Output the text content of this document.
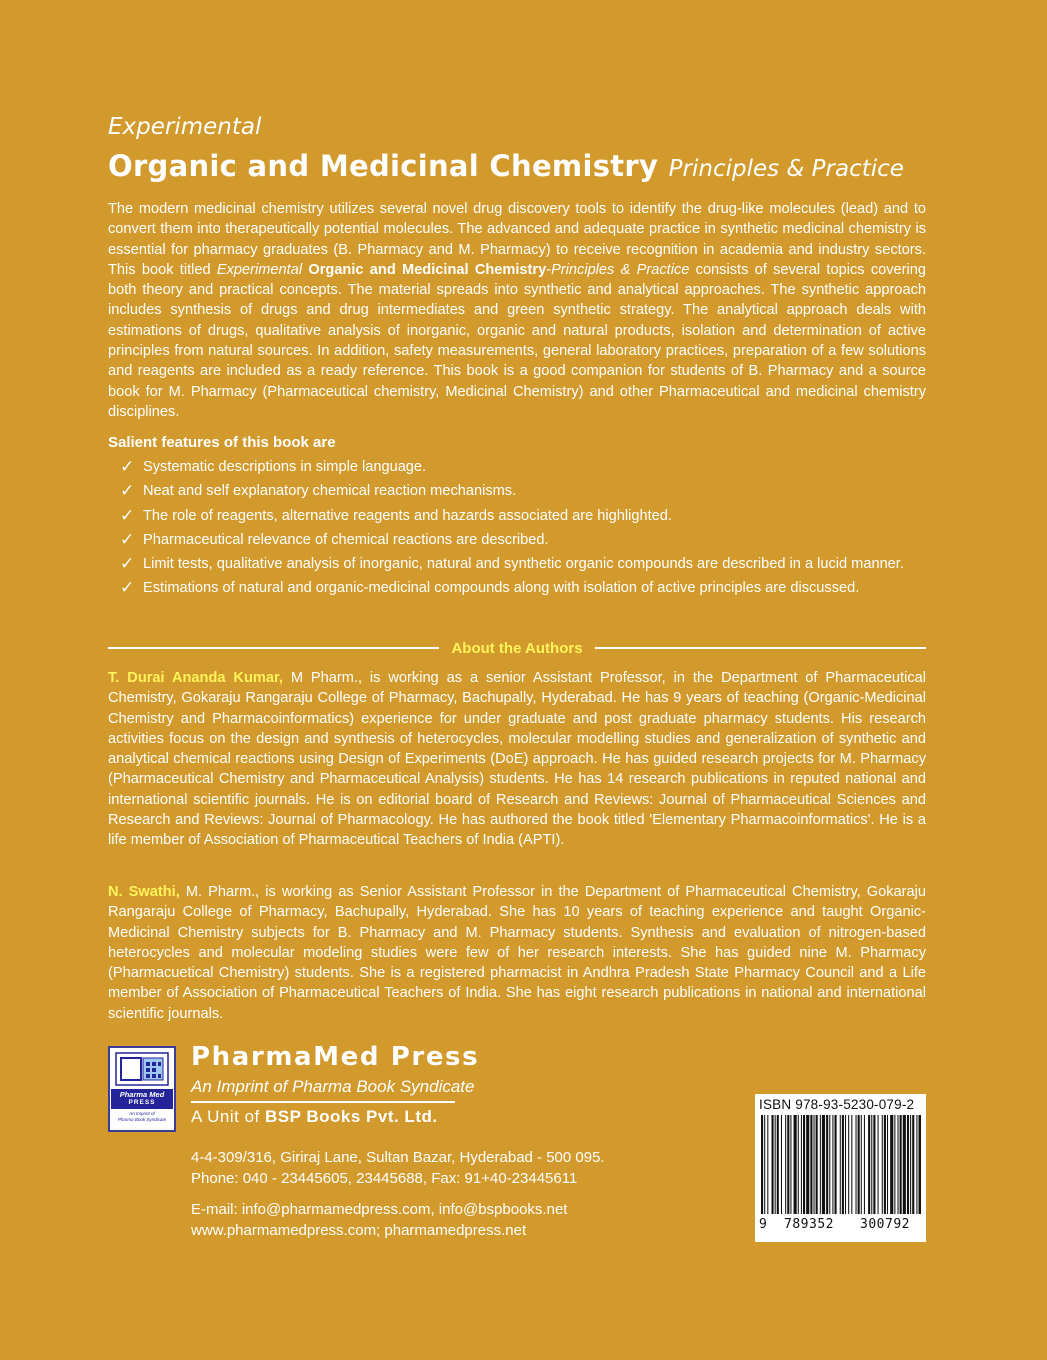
Experimental
Organic and Medicinal Chemistry Principles & Practice

The modern medicinal chemistry utilizes several novel drug discovery tools to identify the drug-like molecules (lead) and to convert them into therapeutically potential molecules. The advanced and adequate practice in synthetic medicinal chemistry is essential for pharmacy graduates (B. Pharmacy and M. Pharmacy) to receive recognition in academia and industry sectors. This book titled Experimental Organic and Medicinal Chemistry-Principles & Practice consists of several topics covering both theory and practical concepts. The material spreads into synthetic and analytical approaches. The synthetic approach includes synthesis of drugs and drug intermediates and green synthetic strategy. The analytical approach deals with estimations of drugs, qualitative analysis of inorganic, organic and natural products, isolation and determination of active principles from natural sources. In addition, safety measurements, general laboratory practices, preparation of a few solutions and reagents are included as a ready reference. This book is a good companion for students of B. Pharmacy and a source book for M. Pharmacy (Pharmaceutical chemistry, Medicinal Chemistry) and other Pharmaceutical and medicinal chemistry disciplines.

Salient features of this book are
✓ Systematic descriptions in simple language.
✓ Neat and self explanatory chemical reaction mechanisms.
✓ The role of reagents, alternative reagents and hazards associated are highlighted.
✓ Pharmaceutical relevance of chemical reactions are described.
✓ Limit tests, qualitative analysis of inorganic, natural and synthetic organic compounds are described in a lucid manner.
✓ Estimations of natural and organic-medicinal compounds along with isolation of active principles are discussed.
About the Authors

T. Durai Ananda Kumar, M Pharm., is working as a senior Assistant Professor, in the Department of Pharmaceutical Chemistry, Gokaraju Rangaraju College of Pharmacy, Bachupally, Hyderabad. He has 9 years of teaching (Organic-Medicinal Chemistry and Pharmacoinformatics) experience for under graduate and post graduate pharmacy students. His research activities focus on the design and synthesis of heterocycles, molecular modelling studies and generalization of synthetic and analytical chemical reactions using Design of Experiments (DoE) approach. He has guided research projects for M. Pharmacy (Pharmaceutical Chemistry and Pharmaceutical Analysis) students. He has 14 research publications in reputed national and international scientific journals. He is on editorial board of Research and Reviews: Journal of Pharmaceutical Sciences and Research and Reviews: Journal of Pharmacology. He has authored the book titled 'Elementary Pharmacoinformatics'. He is a life member of Association of Pharmaceutical Teachers of India (APTI).

N. Swathi, M. Pharm., is working as Senior Assistant Professor in the Department of Pharmaceutical Chemistry, Gokaraju Rangaraju College of Pharmacy, Bachupally, Hyderabad. She has 10 years of teaching experience and taught Organic-Medicinal Chemistry subjects for B. Pharmacy and M. Pharmacy students. Synthesis and evaluation of nitrogen-based heterocycles and molecular modeling studies were few of her research interests. She has guided nine M. Pharmacy (Pharmacuetical Chemistry) students. She is a registered pharmacist in Andhra Pradesh State Pharmacy Council and a Life member of Association of Pharmaceutical Teachers of India. She has eight research publications in national and international scientific journals.

Pharma Med
PRESS
An Imprint of
Pharma Book Syndicate
PharmaMed Press
An Imprint of Pharma Book Syndicate
A Unit of BSP Books Pvt. Ltd.
4-4-309/316, Giriraj Lane, Sultan Bazar, Hyderabad - 500 095.
Phone: 040 - 23445605, 23445688, Fax: 91+40-23445611
E-mail: info@pharmamedpress.com, info@bspbooks.net
www.pharmamedpress.com; pharmamedpress.net
ISBN 978-93-5230-079-2
9	789352	300792
